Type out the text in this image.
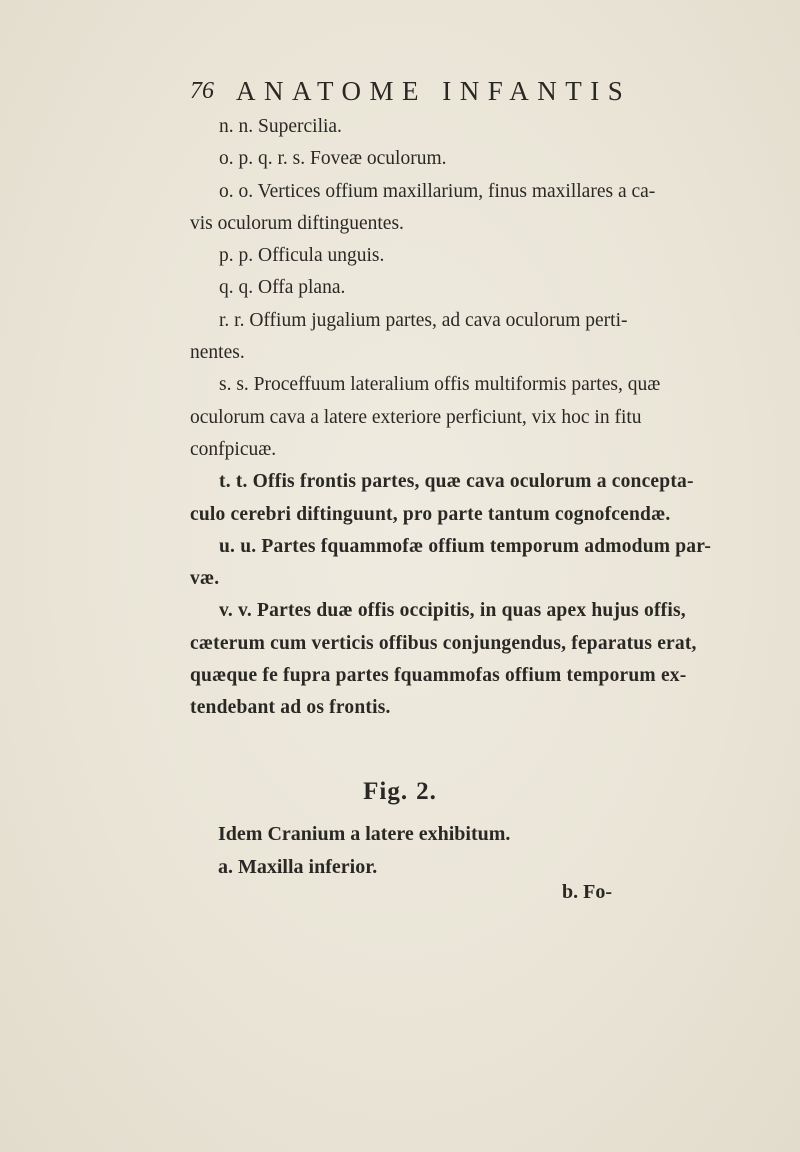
76 ANATOME INFANTIS
n. n. Supercilia.
o. p. q. r. s. Foveæ oculorum.
o. o. Vertices offium maxillarium, finus maxillares a ca-
vis oculorum diftinguentes.
p. p. Officula unguis.
q. q. Offa plana.
r. r. Offium jugalium partes, ad cava oculorum perti-
nentes.
s. s. Proceffuum lateralium offis multiformis partes, quæ
oculorum cava a latere exteriore perficiunt, vix hoc in fitu
confpicuæ.
t. t. Offis frontis partes, quæ cava oculorum a concepta-
culo cerebri diftinguunt, pro parte tantum cognofcendæ.
u. u. Partes fquammofæ offium temporum admodum par-
væ.
v. v. Partes duæ offis occipitis, in quas apex hujus offis,
cæterum cum verticis offibus conjungendus, feparatus erat,
quæque fe fupra partes fquammofas offium temporum ex-
tendebant ad os frontis.
Fig. 2.
Idem Cranium a latere exhibitum.
a. Maxilla inferior.
b. Fo-
